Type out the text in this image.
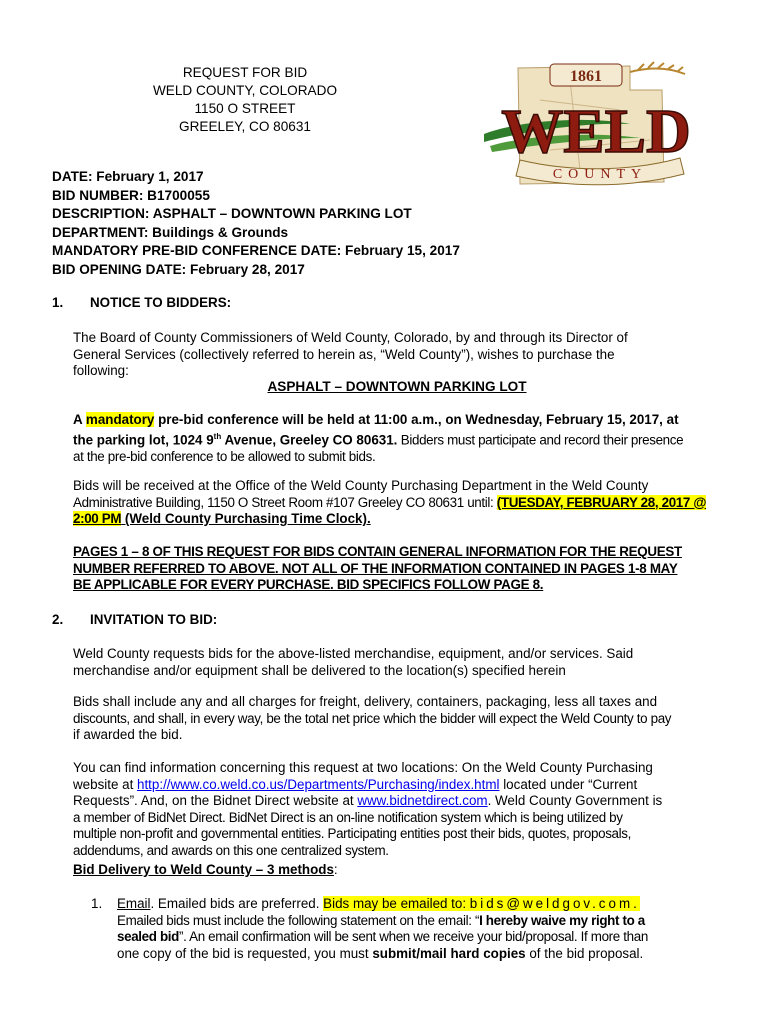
REQUEST FOR BID
WELD COUNTY, COLORADO
1150 O STREET
GREELEY, CO 80631
1861
WELD
COUNTY
DATE: February 1, 2017
BID NUMBER: B1700055
DESCRIPTION: ASPHALT – DOWNTOWN PARKING LOT
DEPARTMENT: Buildings & Grounds
MANDATORY PRE-BID CONFERENCE DATE: February 15, 2017
BID OPENING DATE: February 28, 2017
1. NOTICE TO BIDDERS:
The Board of County Commissioners of Weld County, Colorado, by and through its Director of
General Services (collectively referred to herein as, “Weld County”), wishes to purchase the
following:
ASPHALT – DOWNTOWN PARKING LOT
A mandatory pre-bid conference will be held at 11:00 a.m., on Wednesday, February 15, 2017, at
the parking lot, 1024 9th Avenue, Greeley CO 80631. Bidders must participate and record their presence
at the pre-bid conference to be allowed to submit bids.
Bids will be received at the Office of the Weld County Purchasing Department in the Weld County
Administrative Building, 1150 O Street Room #107 Greeley CO 80631 until: (TUESDAY, FEBRUARY 28, 2017 @
2:00 PM (Weld County Purchasing Time Clock).
PAGES 1 – 8 OF THIS REQUEST FOR BIDS CONTAIN GENERAL INFORMATION FOR THE REQUEST
NUMBER REFERRED TO ABOVE. NOT ALL OF THE INFORMATION CONTAINED IN PAGES 1-8 MAY
BE APPLICABLE FOR EVERY PURCHASE. BID SPECIFICS FOLLOW PAGE 8.
2. INVITATION TO BID:
Weld County requests bids for the above-listed merchandise, equipment, and/or services. Said
merchandise and/or equipment shall be delivered to the location(s) specified herein
Bids shall include any and all charges for freight, delivery, containers, packaging, less all taxes and
discounts, and shall, in every way, be the total net price which the bidder will expect the Weld County to pay
if awarded the bid.
You can find information concerning this request at two locations: On the Weld County Purchasing
website at http://www.co.weld.co.us/Departments/Purchasing/index.html located under “Current
Requests”. And, on the Bidnet Direct website at www.bidnetdirect.com. Weld County Government is
a member of BidNet Direct. BidNet Direct is an on-line notification system which is being utilized by
multiple non-profit and governmental entities. Participating entities post their bids, quotes, proposals,
addendums, and awards on this one centralized system.
Bid Delivery to Weld County – 3 methods:
1. Email. Emailed bids are preferred. Bids may be emailed to: bids@weldgov.com.
Emailed bids must include the following statement on the email: “I hereby waive my right to a
sealed bid”. An email confirmation will be sent when we receive your bid/proposal. If more than
one copy of the bid is requested, you must submit/mail hard copies of the bid proposal.
